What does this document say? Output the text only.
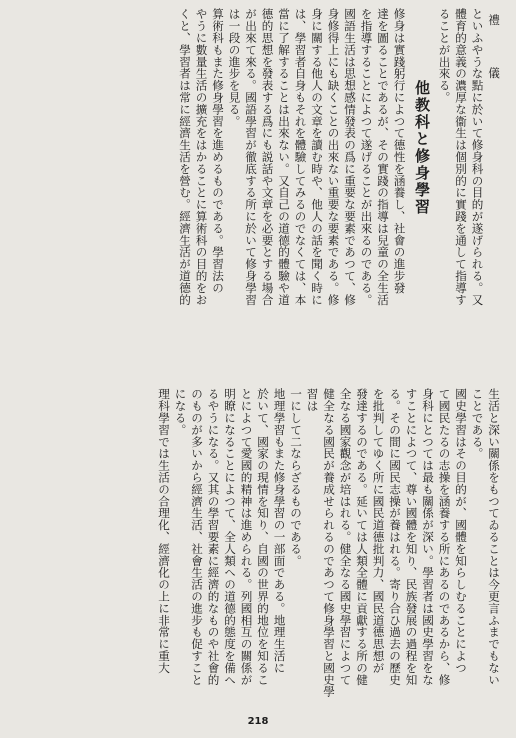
禮　　儀

といふやうな點に於いて修身科の目的が遂げられる。又

體育的意義の濃厚な衞生は個別的に實踐を通して指導す

ることが出來る。

他教科と修身學習

修身は實踐躬行によつて德性を涵養し、社會の進步發

達を圖ることであるが、その實踐の指導は兒童の全生活

を指導することによつて遂げることが出來るのである。

國語生活は思想感情發表の爲に重要な要素であつて、修

身修得上にも缺くことの出來ない重要な要素である。修

身に關する他人の文章を讀む時や、他人の話を聞く時に

は、學習者自身もそれを體驗してみるのでなくては、本

當に了解することは出來ない。又自己の道德的體驗や道

德的思想を發表する爲にも説話や文章を必要とする場合

が出來て來る。國語學習が徹底する所に於いて修身學習

は一段の進步を見る。

算術科もまた修身學習を進めるものである。學習法の

やうに數量生活の擴充をはかることに算術科の目的をお

くと、學習者は常に經濟生活を營む。經濟生活が道德的

生活と深い關係をもつてゐることは今更言ふまでもない

ことである。

國史學習はその目的が、國體を知らしむることによつ

て國民たるの志操を涵養する所にあるのであるから、修

身科にとつては最も關係が深い。學習者は國史學習をな

すことによつて、尊い國體を知り、民族發展の過程を知

る。その間に國民志操が養はれる。寄り合ひ過去の歷史

を批判してゆく所に國民道德批判力、國民道德思想が

發達するのである。延いては人類全體に貢獻する所の健

全なる國家觀念が培はれる。健全なる國史學習によつて

健全なる國民が養成せられるのであつて修身學習と國史學習は

一にして二ならざるものである。

地理學習もまた修身學習の一部面である。地理生活に

於いて、國家の現情を知り、自國の世界的地位を知るこ

とによつて愛國的精神は進められる。列國相互の關係が

明瞭になることによつて、全人類への道德的態度を備へ

るやうになる。又其の學習要素に經濟的なものや社會的

のものが多いから經濟生活、社會生活の進步も促すこと

になる。

理科學習では生活の合理化、經濟化の上に非常に重大

218
